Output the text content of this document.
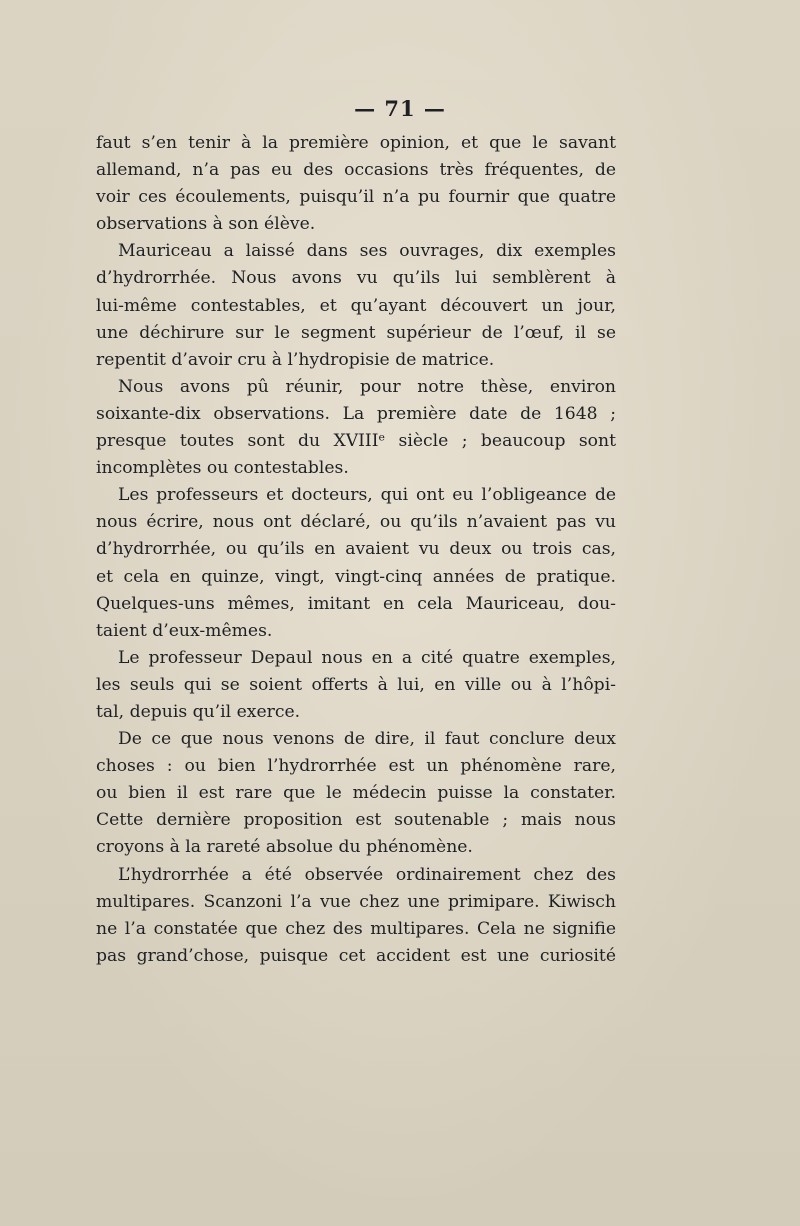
— 71 —

faut s’en tenir à la première opinion, et que le savant
allemand, n’a pas eu des occasions très fréquentes, de
voir ces écoulements, puisqu’il n’a pu fournir que quatre
observations à son élève.

Mauriceau a laissé dans ses ouvrages, dix exemples
d’hydrorrhée. Nous avons vu qu’ils lui semblèrent à
lui-même contestables, et qu’ayant découvert un jour,
une déchirure sur le segment supérieur de l’œuf, il se
repentit d’avoir cru à l’hydropisie de matrice.

Nous avons pû réunir, pour notre thèse, environ
soixante-dix observations. La première date de 1648 ;
presque toutes sont du XVIIIᵉ siècle ; beaucoup sont
incomplètes ou contestables.

Les professeurs et docteurs, qui ont eu l’obligeance de
nous écrire, nous ont déclaré, ou qu’ils n’avaient pas vu
d’hydrorrhée, ou qu’ils en avaient vu deux ou trois cas,
et cela en quinze, vingt, vingt-cinq années de pratique.
Quelques-uns mêmes, imitant en cela Mauriceau, dou-
taient d’eux-mêmes.

Le professeur Depaul nous en a cité quatre exemples,
les seuls qui se soient offerts à lui, en ville ou à l’hôpi-
tal, depuis qu’il exerce.

De ce que nous venons de dire, il faut conclure deux
choses : ou bien l’hydrorrhée est un phénomène rare,
ou bien il est rare que le médecin puisse la constater.
Cette dernière proposition est soutenable ; mais nous
croyons à la rareté absolue du phénomène.

L’hydrorrhée a été observée ordinairement chez des
multipares. Scanzoni l’a vue chez une primipare. Kiwisch
ne l’a constatée que chez des multipares. Cela ne signifie
pas grand’chose, puisque cet accident est une curiosité
